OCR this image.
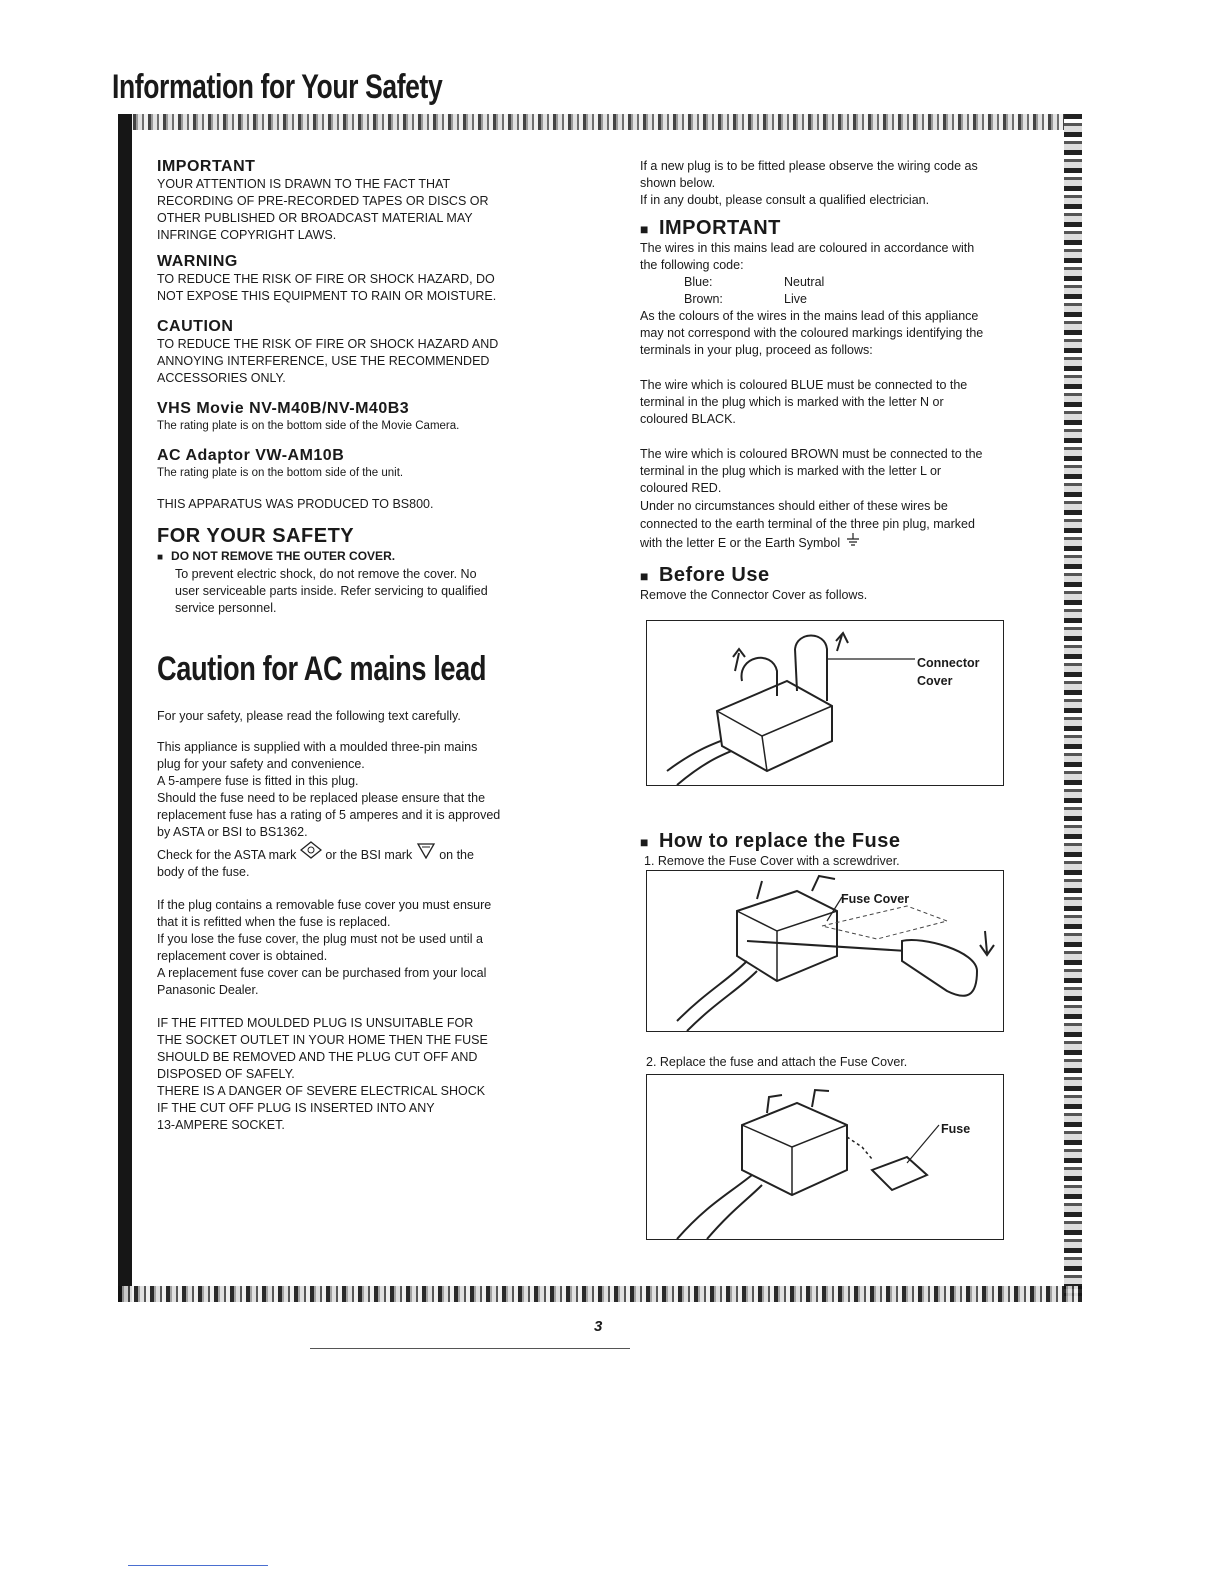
Information for Your Safety
IMPORTANT
YOUR ATTENTION IS DRAWN TO THE FACT THAT
RECORDING OF PRE-RECORDED TAPES OR DISCS OR
OTHER PUBLISHED OR BROADCAST MATERIAL MAY
INFRINGE COPYRIGHT LAWS.
WARNING
TO REDUCE THE RISK OF FIRE OR SHOCK HAZARD, DO
NOT EXPOSE THIS EQUIPMENT TO RAIN OR MOISTURE.
CAUTION
TO REDUCE THE RISK OF FIRE OR SHOCK HAZARD AND
ANNOYING INTERFERENCE, USE THE RECOMMENDED
ACCESSORIES ONLY.
VHS Movie NV-M40B/NV-M40B3
The rating plate is on the bottom side of the Movie Camera.
AC Adaptor VW-AM10B
The rating plate is on the bottom side of the unit.
THIS APPARATUS WAS PRODUCED TO BS800.
FOR YOUR SAFETY
■ DO NOT REMOVE THE OUTER COVER.
To prevent electric shock, do not remove the cover. No
user serviceable parts inside. Refer servicing to qualified
service personnel.
Caution for AC mains lead
For your safety, please read the following text carefully.
This appliance is supplied with a moulded three-pin mains
plug for your safety and convenience.
A 5-ampere fuse is fitted in this plug.
Should the fuse need to be replaced please ensure that the
replacement fuse has a rating of 5 amperes and it is approved
by ASTA or BSI to BS1362.
Check for the ASTA mark or the BSI mark on the
body of the fuse.
If the plug contains a removable fuse cover you must ensure
that it is refitted when the fuse is replaced.
If you lose the fuse cover, the plug must not be used until a
replacement cover is obtained.
A replacement fuse cover can be purchased from your local
Panasonic Dealer.
IF THE FITTED MOULDED PLUG IS UNSUITABLE FOR
THE SOCKET OUTLET IN YOUR HOME THEN THE FUSE
SHOULD BE REMOVED AND THE PLUG CUT OFF AND
DISPOSED OF SAFELY.
THERE IS A DANGER OF SEVERE ELECTRICAL SHOCK
IF THE CUT OFF PLUG IS INSERTED INTO ANY
13-AMPERE SOCKET.
If a new plug is to be fitted please observe the wiring code as
shown below.
If in any doubt, please consult a qualified electrician.
■ IMPORTANT
The wires in this mains lead are coloured in accordance with
the following code:
Blue:	Neutral
Brown:	Live
As the colours of the wires in the mains lead of this appliance
may not correspond with the coloured markings identifying the
terminals in your plug, proceed as follows:
The wire which is coloured BLUE must be connected to the
terminal in the plug which is marked with the letter N or
coloured BLACK.
The wire which is coloured BROWN must be connected to the
terminal in the plug which is marked with the letter L or
coloured RED.
Under no circumstances should either of these wires be
connected to the earth terminal of the three pin plug, marked
with the letter E or the Earth Symbol
■ Before Use
Remove the Connector Cover as follows.
Connector
Cover
■ How to replace the Fuse
1. Remove the Fuse Cover with a screwdriver.
Fuse Cover
2. Replace the fuse and attach the Fuse Cover.
Fuse
3
